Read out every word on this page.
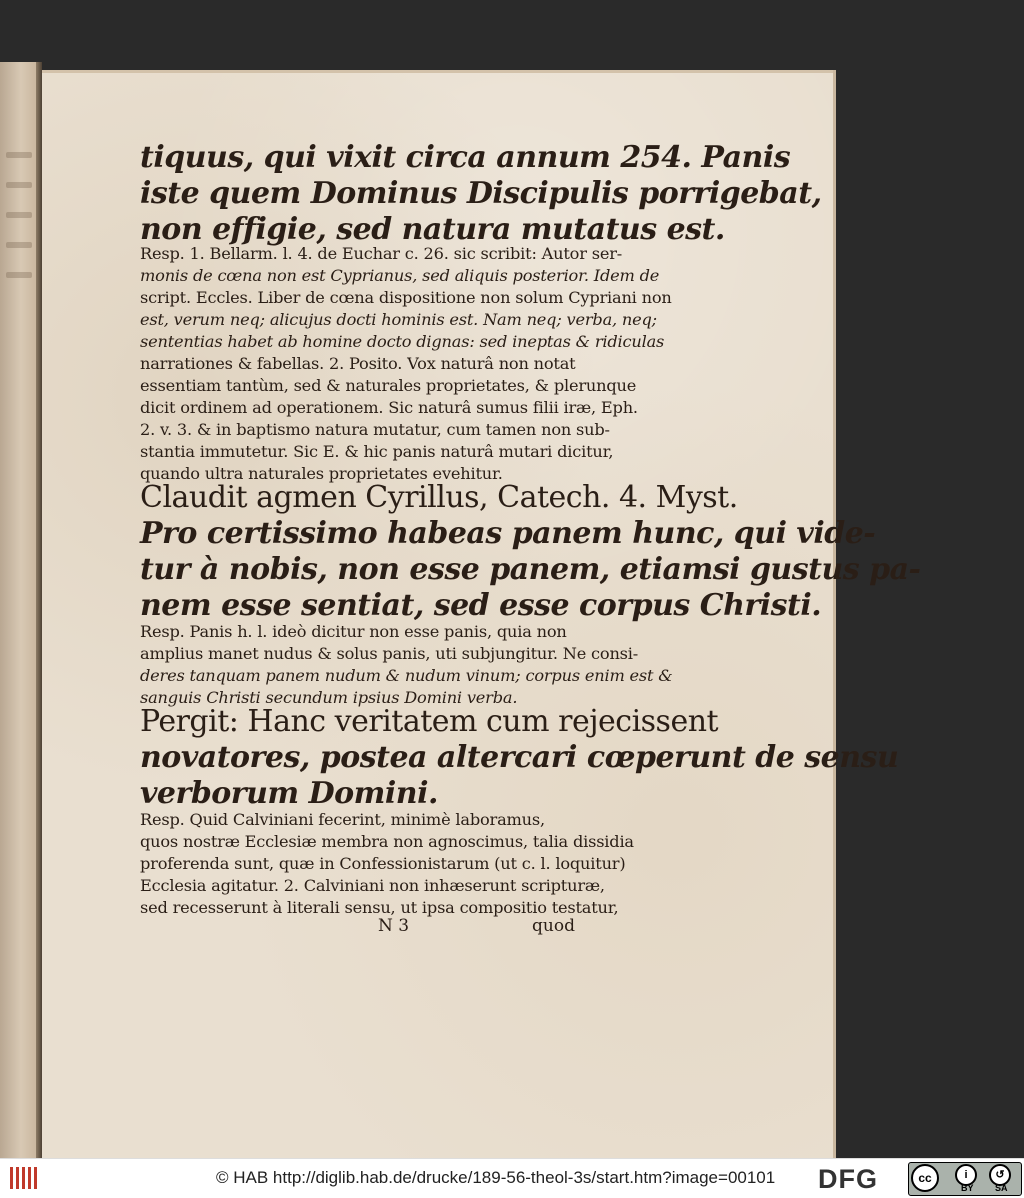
tiquus, qui vixit circa annum 254. Panis
iste quem Dominus Discipulis porrigebat,
non effigie, sed natura mutatus est.
Resp. 1. Bellarm. l. 4. de Euchar c. 26. sic scribit: Autor ser-
monis de cœna non est Cyprianus, sed aliquis posterior. Idem de
script. Eccles. Liber de cœna dispositione non solum Cypriani non
est, verum neq; alicujus docti hominis est. Nam neq; verba, neq;
sententias habet ab homine docto dignas: sed ineptas & ridiculas
narrationes & fabellas. 2. Posito. Vox naturâ non notat
essentiam tantùm, sed & naturales proprietates, & plerunque
dicit ordinem ad operationem. Sic naturâ sumus filii iræ, Eph.
2. v. 3. & in baptismo natura mutatur, cum tamen non sub-
stantia immutetur. Sic E. & hic panis naturâ mutari dicitur,
quando ultra naturales proprietates evehitur.
Claudit agmen Cyrillus, Catech. 4. Myst.
Pro certissimo habeas panem hunc, qui vide-
tur à nobis, non esse panem, etiamsi gustus pa-
nem esse sentiat, sed esse corpus Christi.
Resp. Panis h. l. ideò dicitur non esse panis, quia non
amplius manet nudus & solus panis, uti subjungitur. Ne consi-
deres tanquam panem nudum & nudum vinum; corpus enim est &
sanguis Christi secundum ipsius Domini verba.
Pergit: Hanc veritatem cum rejecissent
novatores, postea altercari cœperunt de sensu
verborum Domini.
Resp. Quid Calviniani fecerint, minimè laboramus,
quos nostræ Ecclesiæ membra non agnoscimus, talia dissidia
proferenda sunt, quæ in Confessionistarum (ut c. l. loquitur)
Ecclesia agitatur. 2. Calviniani non inhæserunt scripturæ,
sed recesserunt à literali sensu, ut ipsa compositio testatur,
N 3	quod
© HAB http://diglib.hab.de/drucke/189-56-theol-3s/start.htm?image=00101 DFG	cc	i	↺
BY SA
